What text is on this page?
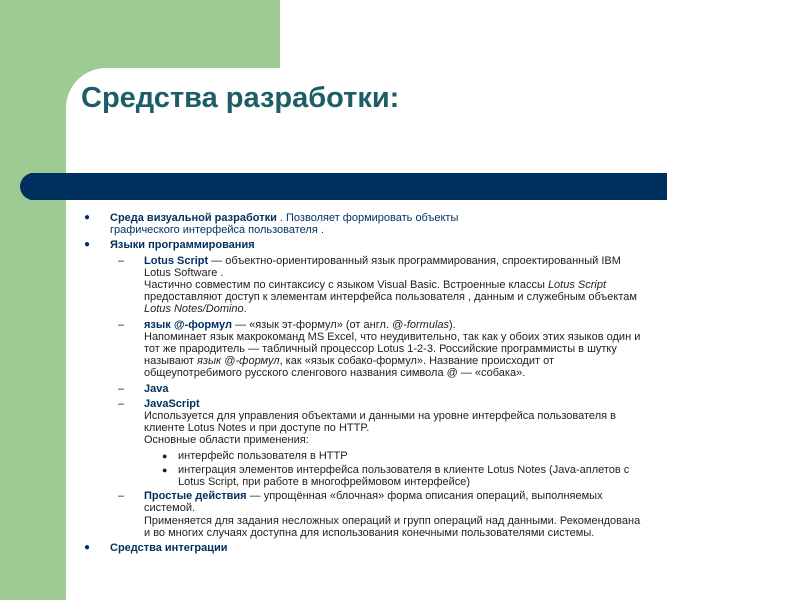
Средства разработки:
● Среда визуальной разработки . Позволяет формировать объекты
графического интерфейса пользователя .
● Языки программирования
– Lotus Script — объектно-ориентированный язык программирования, спроектированный IBM
Lotus Software .
Частично совместим по синтаксису с языком Visual Basic. Встроенные классы Lotus Script
предоставляют доступ к элементам интерфейса пользователя , данным и служебным объектам
Lotus Notes/Domino.
– язык @-формул — «язык эт-формул» (от англ. @-formulas).
Напоминает язык макрокоманд MS Excel, что неудивительно, так как у обоих этих языков один и
тот же прародитель — табличный процессор Lotus 1-2-3. Российские программисты в шутку
называют язык @-формул, как «язык собако-формул». Название происходит от
общеупотребимого русского сленгового названия символа @ — «собака».
– Java
– JavaScript
Используется для управления объектами и данными на уровне интерфейса пользователя в
клиенте Lotus Notes и при доступе по HTTP.
Основные области применения:
● интерфейс пользователя в HTTP
● интеграция элементов интерфейса пользователя в клиенте Lotus Notes (Java-аплетов с
Lotus Script, при работе в многофреймовом интерфейсе)
– Простые действия — упрощённая «блочная» форма описания операций, выполняемых
системой.
Применяется для задания несложных операций и групп операций над данными. Рекомендована
и во многих случаях доступна для использования конечными пользователями системы.
● Средства интеграции
